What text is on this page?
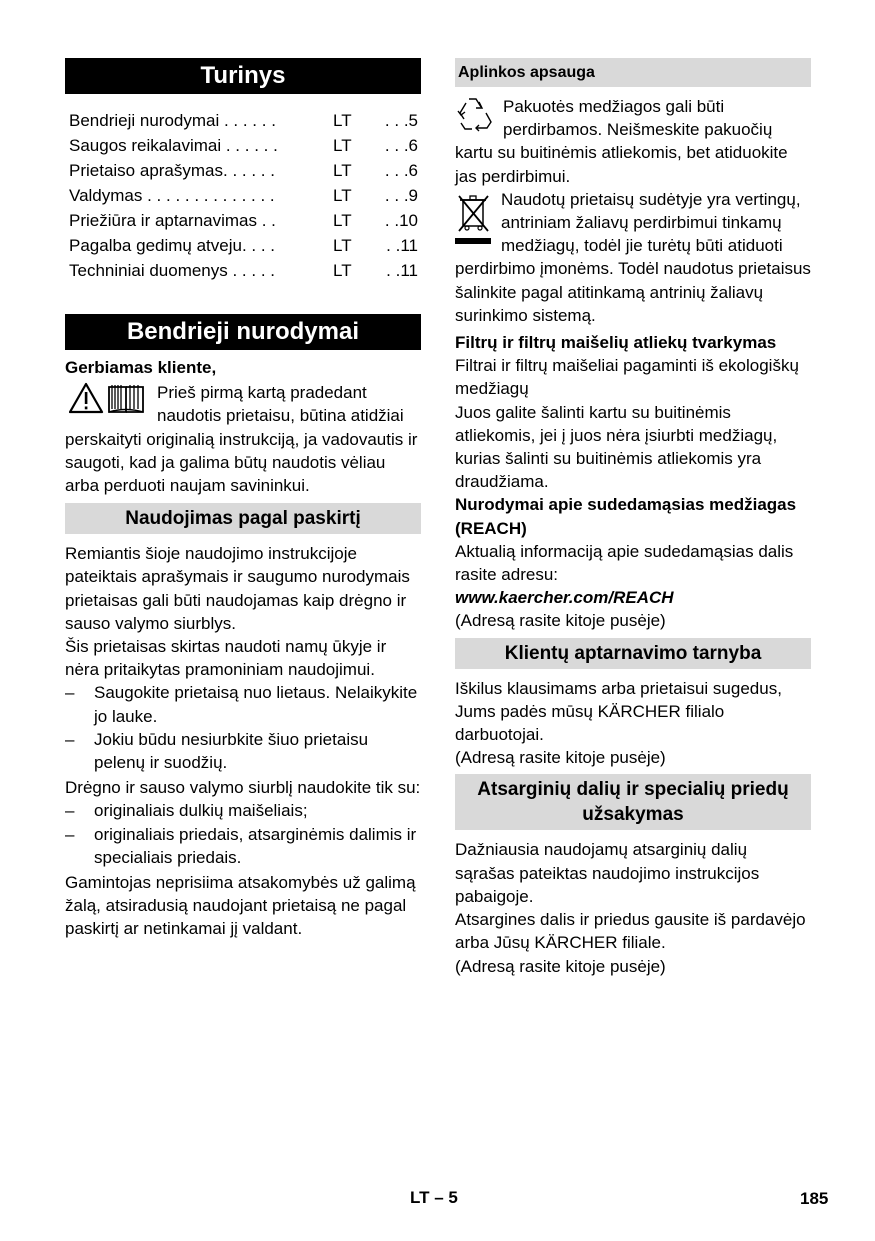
Turinys
Bendrieji nurodymai . . . . . .	LT	. . .5
Saugos reikalavimai . . . . . .	LT	. . .6
Prietaiso aprašymas. . . . . .	LT	. . .6
Valdymas . . . . . . . . . . . . . .	LT	. . .9
Priežiūra ir aptarnavimas . .	LT	. .10
Pagalba gedimų atveju. . . .	LT	. .11
Techniniai duomenys . . . . .	LT	. .11
Bendrieji nurodymai

Gerbiamas kliente,

Prieš pirmą kartą pradedant naudotis prietaisu, būtina atidžiai perskaityti originalią instrukciją, ja vadovautis ir saugoti, kad ja galima būtų naudotis vėliau arba perduoti naujam savininkui.

Naudojimas pagal paskirtį

Remiantis šioje naudojimo instrukcijoje pateiktais aprašymais ir saugumo nurodymais prietaisas gali būti naudojamas kaip drėgno ir sauso valymo siurblys.

Šis prietaisas skirtas naudoti namų ūkyje ir nėra pritaikytas pramoniniam naudojimui.

–	Saugokite prietaisą nuo lietaus. Nelaikykite jo lauke.
–	Jokiu būdu nesiurbkite šiuo prietaisu pelenų ir suodžių.

Drėgno ir sauso valymo siurblį naudokite tik su:

–	originaliais dulkių maišeliais;
–	originaliais priedais, atsarginėmis dalimis ir specialiais priedais.

Gamintojas neprisiima atsakomybės už galimą žalą, atsiradusią naudojant prietaisą ne pagal paskirtį ar netinkamai jį valdant.

Aplinkos apsauga

Pakuotės medžiagos gali būti perdirbamos. Neišmeskite pakuočių kartu su buitinėmis atliekomis, bet atiduokite jas perdirbimui.

Naudotų prietaisų sudėtyje yra vertingų, antriniam žaliavų perdirbimui tinkamų medžiagų, todėl jie turėtų būti atiduoti perdirbimo įmonėms. Todėl naudotus prietaisus šalinkite pagal atitinkamą antrinių žaliavų surinkimo sistemą.

Filtrų ir filtrų maišelių atliekų tvarkymas

Filtrai ir filtrų maišeliai pagaminti iš ekologiškų medžiagų

Juos galite šalinti kartu su buitinėmis atliekomis, jei į juos nėra įsiurbti medžiagų, kurias šalinti su buitinėmis atliekomis yra draudžiama.

Nurodymai apie sudedamąsias medžiagas (REACH)

Aktualią informaciją apie sudedamąsias dalis rasite adresu:

www.kaercher.com/REACH

(Adresą rasite kitoje pusėje)

Klientų aptarnavimo tarnyba

Iškilus klausimams arba prietaisui sugedus, Jums padės mūsų KÄRCHER filialo darbuotojai.

(Adresą rasite kitoje pusėje)

Atsarginių dalių ir specialių priedų užsakymas

Dažniausia naudojamų atsarginių dalių sąrašas pateiktas naudojimo instrukcijos pabaigoje.

Atsargines dalis ir priedus gausite iš pardavėjo arba Jūsų KÄRCHER filiale.

(Adresą rasite kitoje pusėje)

LT – 5	185
